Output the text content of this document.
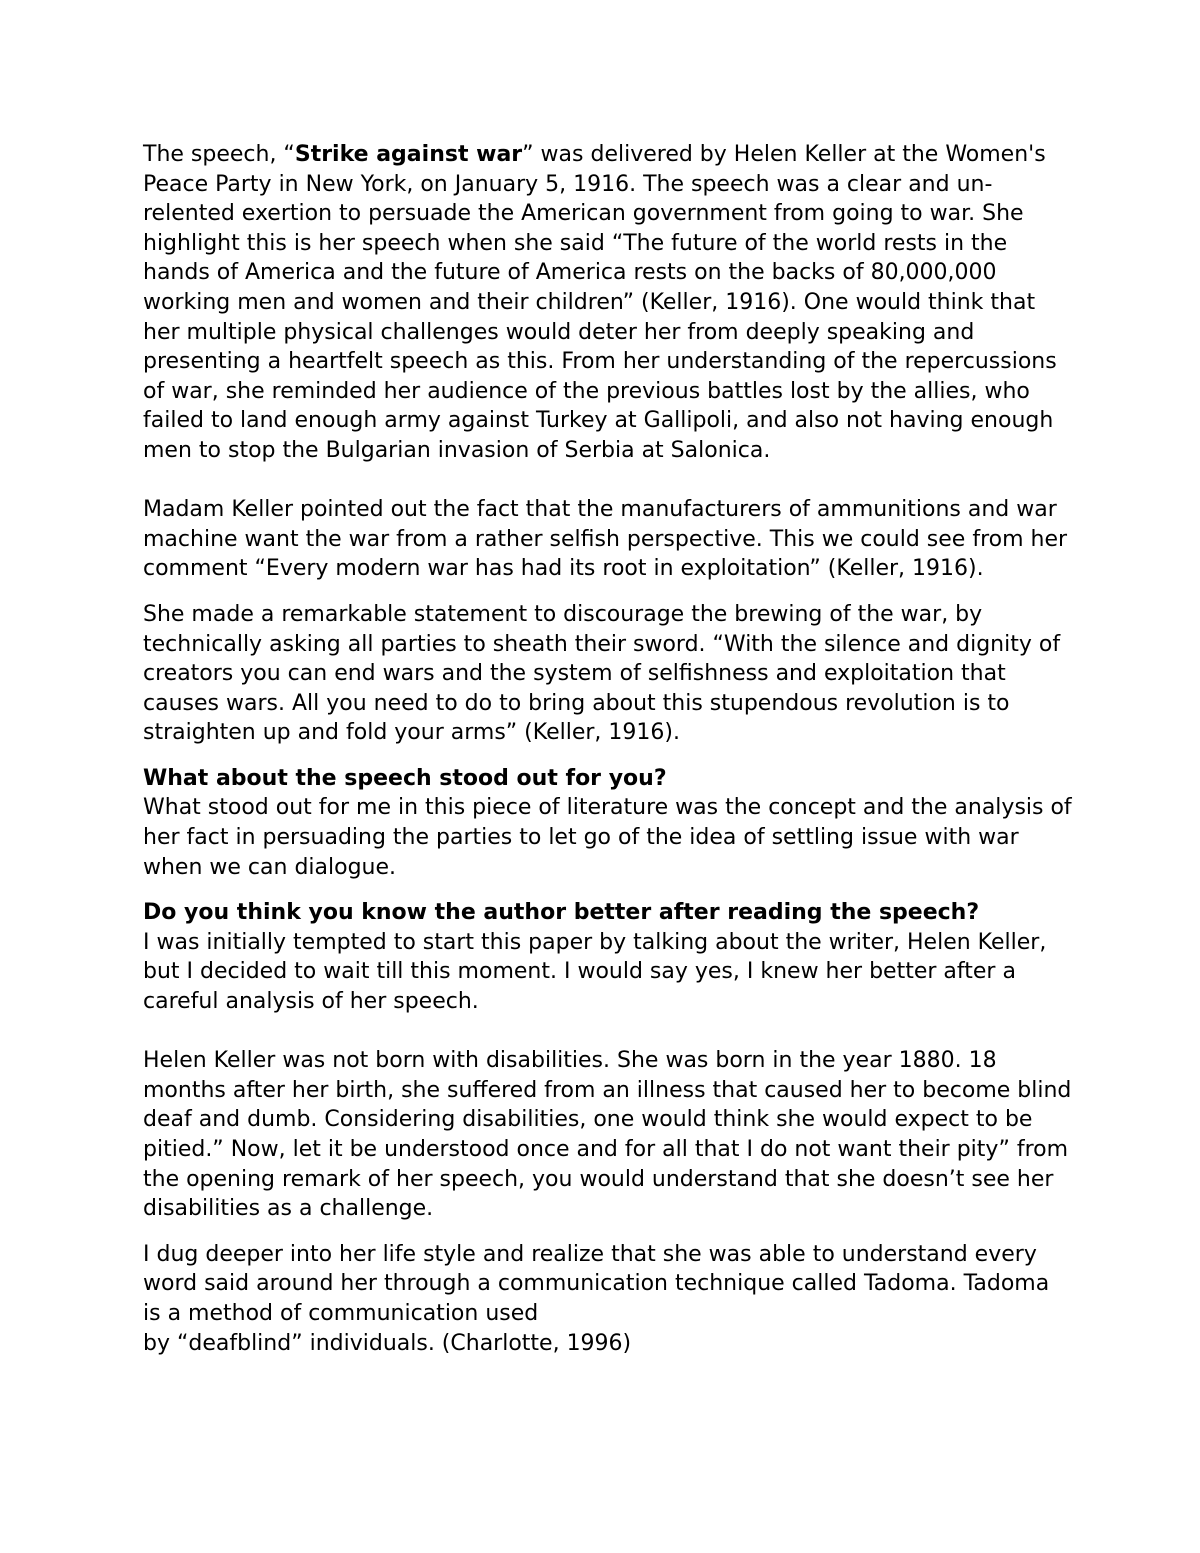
The speech, “Strike against war” was delivered by Helen Keller at the Women's Peace Party in New York, on January 5, 1916. The speech was a clear and un-relented exertion to persuade the American government from going to war. She highlight this is her speech when she said “The future of the world rests in the hands of America and the future of America rests on the backs of 80,000,000 working men and women and their children” (Keller, 1916). One would think that her multiple physical challenges would deter her from deeply speaking and presenting a heartfelt speech as this. From her understanding of the repercussions of war, she reminded her audience of the previous battles lost by the allies, who failed to land enough army against Turkey at Gallipoli, and also not having enough men to stop the Bulgarian invasion of Serbia at Salonica.

Madam Keller pointed out the fact that the manufacturers of ammunitions and war machine want the war from a rather selfish perspective. This we could see from her comment “Every modern war has had its root in exploitation” (Keller, 1916).

She made a remarkable statement to discourage the brewing of the war, by technically asking all parties to sheath their sword. “With the silence and dignity of creators you can end wars and the system of selfishness and exploitation that causes wars. All you need to do to bring about this stupendous revolution is to straighten up and fold your arms” (Keller, 1916).

What about the speech stood out for you?

What stood out for me in this piece of literature was the concept and the analysis of her fact in persuading the parties to let go of the idea of settling issue with war when we can dialogue.

Do you think you know the author better after reading the speech?

I was initially tempted to start this paper by talking about the writer, Helen Keller, but I decided to wait till this moment. I would say yes, I knew her better after a careful analysis of her speech.

Helen Keller was not born with disabilities. She was born in the year 1880. 18 months after her birth, she suffered from an illness that caused her to become blind deaf and dumb. Considering disabilities, one would think she would expect to be pitied.” Now, let it be understood once and for all that I do not want their pity” from the opening remark of her speech, you would understand that she doesn’t see her disabilities as a challenge.

I dug deeper into her life style and realize that she was able to understand every word said around her through a communication technique called Tadoma. Tadoma is a method of communication used
by “deafblind” individuals. (Charlotte, 1996)
